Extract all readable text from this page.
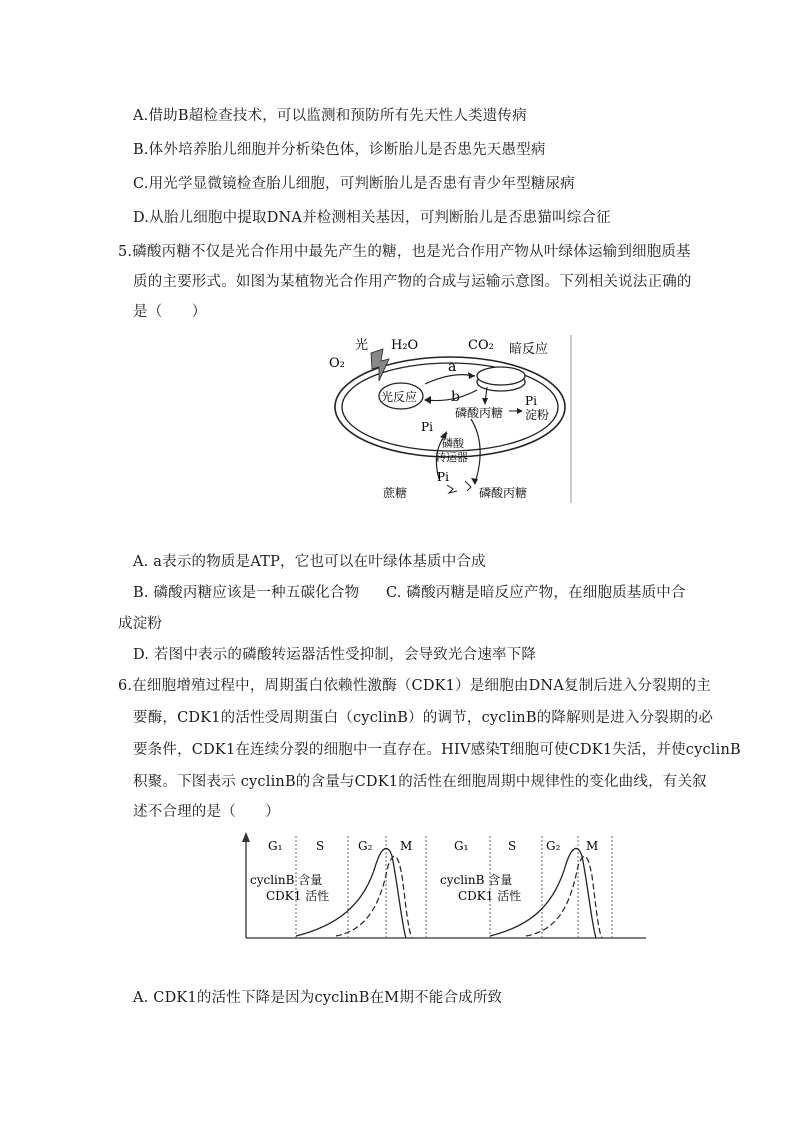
A.借助B超检查技术，可以监测和预防所有先天性人类遗传病
B.体外培养胎儿细胞并分析染色体，诊断胎儿是否患先天愚型病
C.用光学显微镜检查胎儿细胞，可判断胎儿是否患有青少年型糖尿病
D.从胎儿细胞中提取DNA并检测相关基因，可判断胎儿是否患猫叫综合征
5.磷酸丙糖不仅是光合作用中最先产生的糖，也是光合作用产物从叶绿体运输到细胞质基
质的主要形式。如图为某植物光合作用产物的合成与运输示意图。下列相关说法正确的
是（　　）
光 H₂O
O₂
CO₂ 暗反应
光反应
a
b
磷酸丙糖
Pi
淀粉
Pi
磷酸
转运器
Pi
蔗糖	磷酸丙糖
A. a表示的物质是ATP，它也可以在叶绿体基质中合成
B. 磷酸丙糖应该是一种五碳化合物 C. 磷酸丙糖是暗反应产物，在细胞质基质中合
成淀粉
D. 若图中表示的磷酸转运器活性受抑制，会导致光合速率下降
6.在细胞增殖过程中，周期蛋白依赖性激酶（CDK1）是细胞由DNA复制后进入分裂期的主
要酶，CDK1的活性受周期蛋白（cyclinB）的调节，cyclinB的降解则是进入分裂期的必
要条件，CDK1在连续分裂的细胞中一直存在。HIV感染T细胞可使CDK1失活，并使cyclinB
积聚。下图表示 cyclinB的含量与CDK1的活性在细胞周期中规律性的变化曲线，有关叙
述不合理的是（　　）
G₁	S	G₂ M	G₁	S G₂ M
cyclinB 含量
CDK1 活性
cyclinB 含量
CDK1 活性
A. CDK1的活性下降是因为cyclinB在M期不能合成所致
